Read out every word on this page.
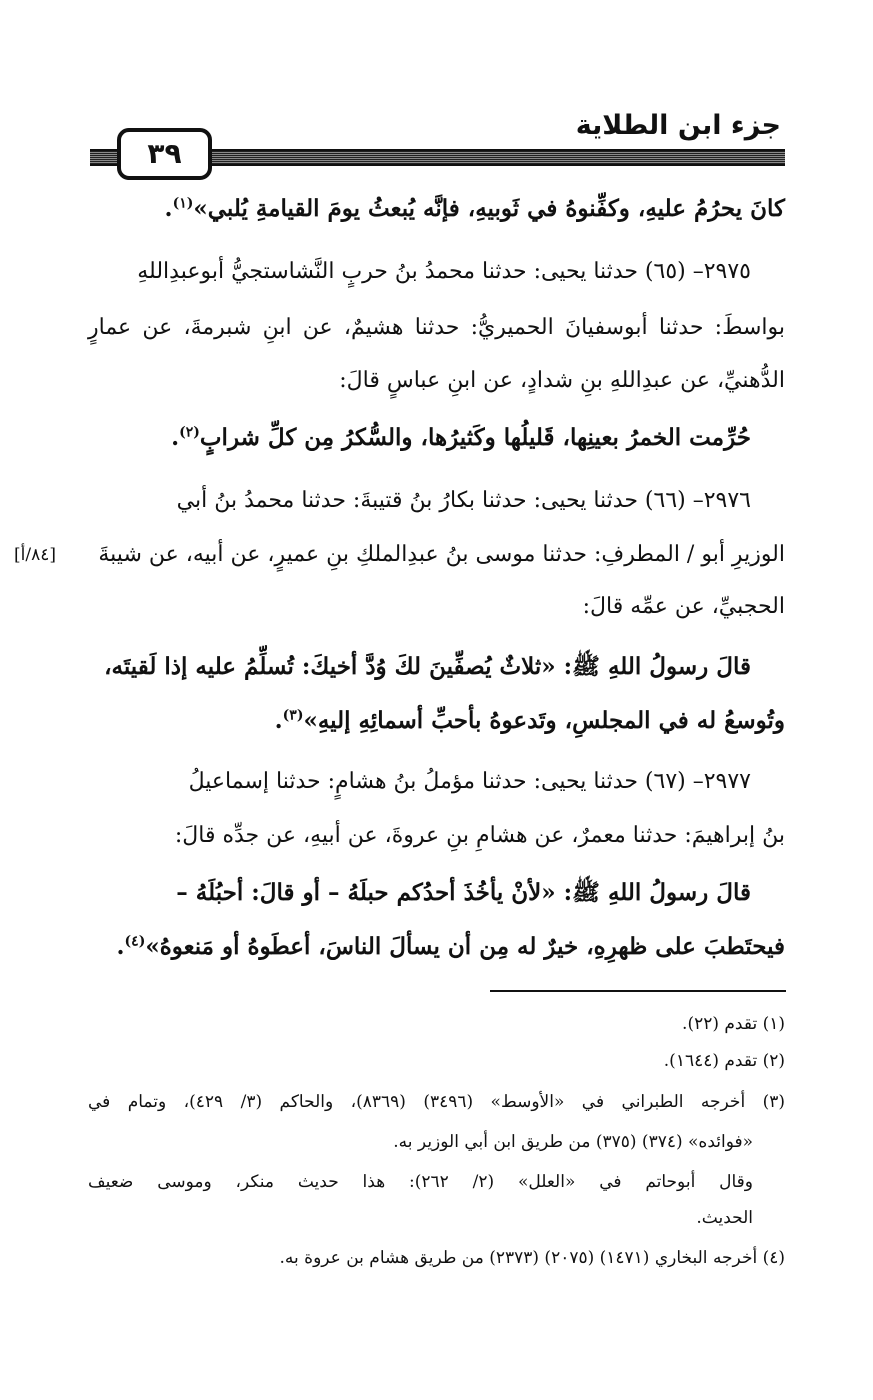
جزء ابن الطلاية
٣٩
كانَ يحرُمُ عليهِ، وكفِّنوهُ في ثَوبيهِ، فإنَّه يُبعثُ يومَ القيامةِ يُلبي»$^{(١)}$.
٢٩٧٥– (٦٥) حدثنا يحيى: حدثنا محمدُ بنُ حربٍ النَّشاستجيُّ أبوعبدِاللهِ
بواسطَ: حدثنا أبوسفيانَ الحميريُّ: حدثنا هشيمٌ، عن ابنِ شبرمةَ، عن عمارٍ
الدُّهنيِّ، عن عبدِاللهِ بنِ شدادٍ، عن ابنِ عباسٍ قالَ:
حُرِّمت الخمرُ بعينِها، قَليلُها وكَثيرُها، والسُّكرُ مِن كلِّ شرابٍ$^{(٢)}$.
٢٩٧٦– (٦٦) حدثنا يحيى: حدثنا بكارُ بنُ قتيبةَ: حدثنا محمدُ بنُ أبي
الوزيرِ أبو / المطرفِ: حدثنا موسى بنُ عبدِالملكِ بنِ عميرٍ، عن أبيه، عن شيبةَ
[٨٤/أ]
الحجبيِّ، عن عمِّه قالَ:
قالَ رسولُ اللهِ ﷺ: «ثلاثٌ يُصفِّينَ لكَ وُدَّ أخيكَ: تُسلِّمُ عليه إذا لَقيتَه،
وتُوسعُ له في المجلسِ، وتَدعوهُ بأحبِّ أسمائِهِ إليهِ»$^{(٣)}$.
٢٩٧٧– (٦٧) حدثنا يحيى: حدثنا مؤملُ بنُ هشامٍ: حدثنا إسماعيلُ
بنُ إبراهيمَ: حدثنا معمرٌ، عن هشامِ بنِ عروةَ، عن أبيهِ، عن جدِّه قالَ:
قالَ رسولُ اللهِ ﷺ: «لأنْ يأخُذَ أحدُكم حبلَهُ – أو قالَ: أحبُلَهُ –
فيحتَطبَ على ظهرِهِ، خيرٌ له مِن أن يسألَ الناسَ، أعطَوهُ أو مَنعوهُ»$^{(٤)}$.
(١) تقدم (٢٢).
(٢) تقدم (١٦٤٤).
(٣) أخرجه الطبراني في «الأوسط» (٣٤٩٦) (٨٣٦٩)، والحاكم (٣/ ٤٢٩)، وتمام في
«فوائده» (٣٧٤) (٣٧٥) من طريق ابن أبي الوزير به.
وقال أبوحاتم في «العلل» (٢/ ٢٦٢): هذا حديث منكر، وموسى ضعيف
الحديث.
(٤) أخرجه البخاري (١٤٧١) (٢٠٧٥) (٢٣٧٣) من طريق هشام بن عروة به.
